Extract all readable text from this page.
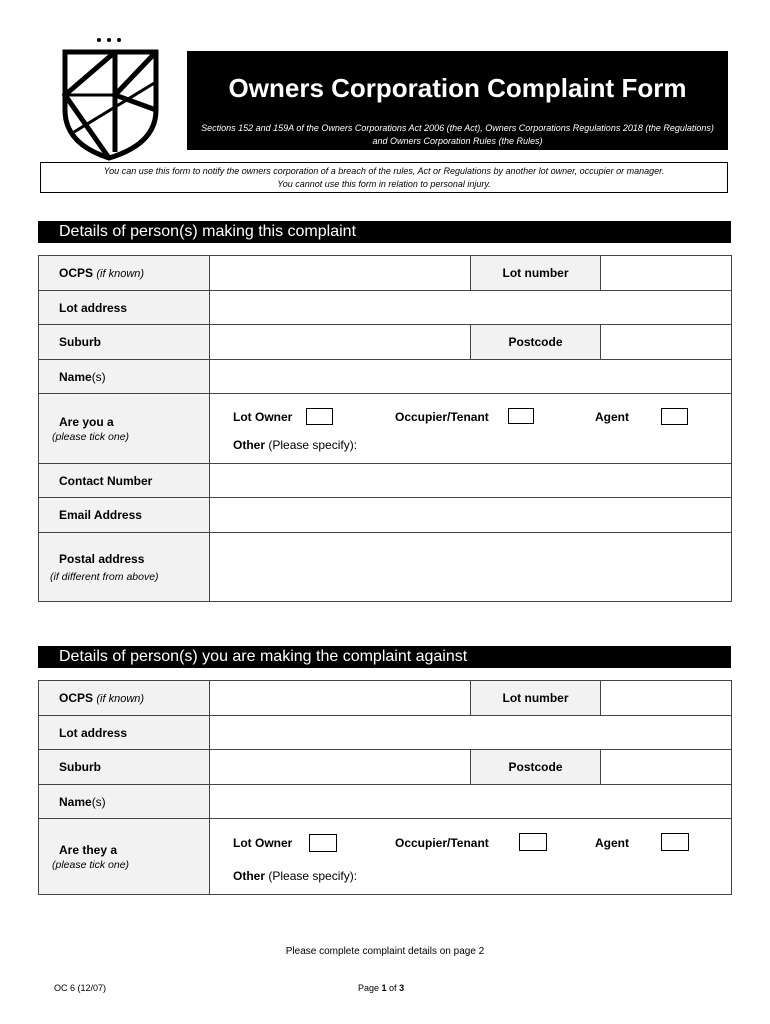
Owners Corporation Complaint Form
Sections 152 and 159A of the Owners Corporations Act 2006 (the Act), Owners Corporations Regulations 2018 (the Regulations) and Owners Corporation Rules (the Rules)
You can use this form to notify the owners corporation of a breach of the rules, Act or Regulations by another lot owner, occupier or manager.
You cannot use this form in relation to personal injury.
Details of person(s) making this complaint
OCPS (if known)	Lot number
Lot address
Suburb	Postcode
Name(s)
Are you a
(please tick one)
Lot Owner	Occupier/Tenant	Agent
Other (Please specify):
Contact Number
Email Address
Postal address
(if different from above)
Details of person(s) you are making the complaint against
OCPS (if known)	Lot number
Lot address
Suburb	Postcode
Name(s)
Are they a
(please tick one)
Lot Owner	Occupier/Tenant	Agent
Other (Please specify):
Please complete complaint details on page 2
OC 6 (12/07)	Page 1 of 3
